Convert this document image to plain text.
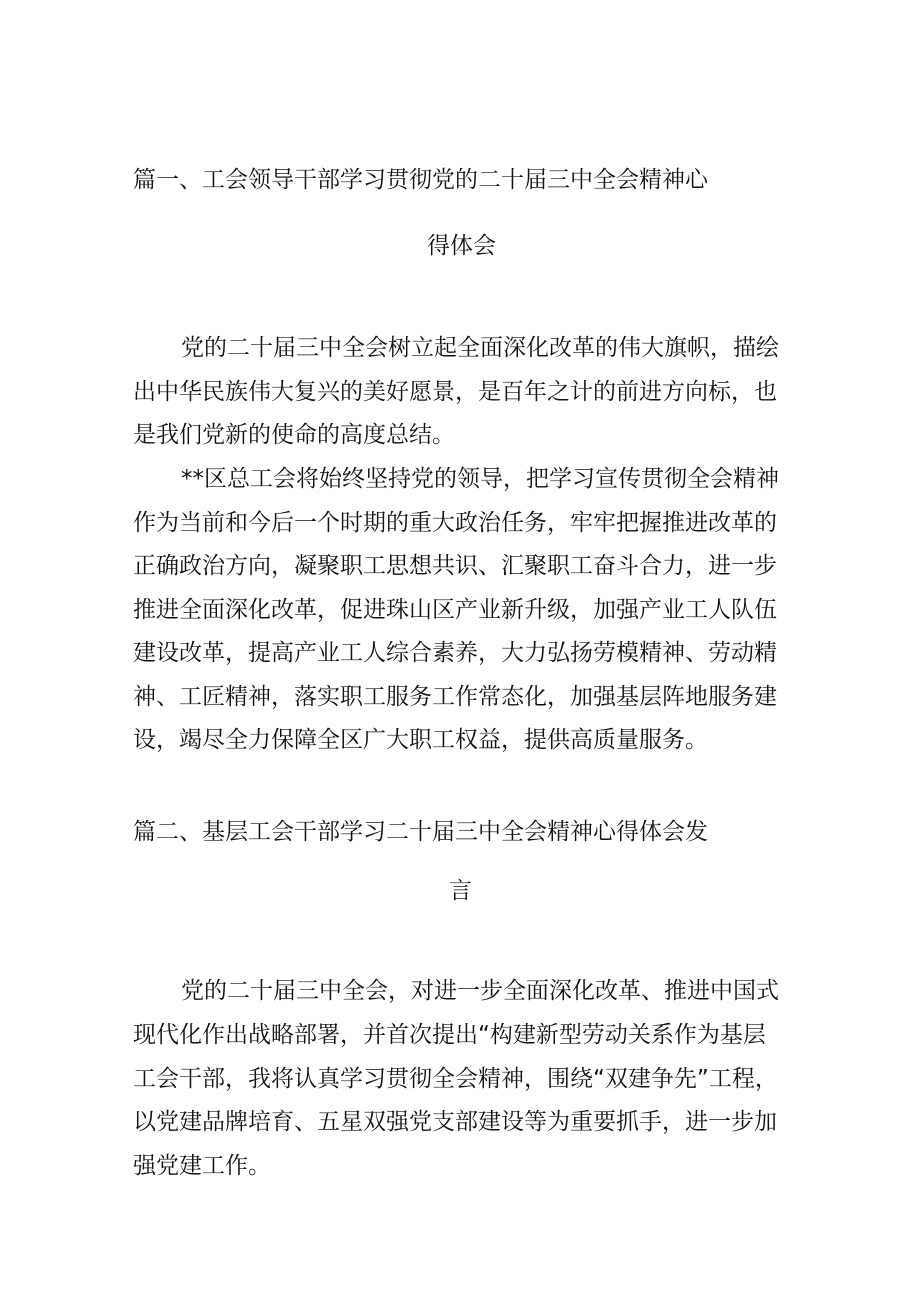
篇一、工会领导干部学习贯彻党的二十届三中全会精神心

得体会

党的二十届三中全会树立起全面深化改革的伟大旗帜，描绘

出中华民族伟大复兴的美好愿景，是百年之计的前进方向标，也

是我们党新的使命的高度总结。

**区总工会将始终坚持党的领导，把学习宣传贯彻全会精神

作为当前和今后一个时期的重大政治任务，牢牢把握推进改革的

正确政治方向，凝聚职工思想共识、汇聚职工奋斗合力，进一步

推进全面深化改革，促进珠山区产业新升级，加强产业工人队伍

建设改革，提高产业工人综合素养，大力弘扬劳模精神、劳动精

神、工匠精神，落实职工服务工作常态化，加强基层阵地服务建

设，竭尽全力保障全区广大职工权益，提供高质量服务。

篇二、基层工会干部学习二十届三中全会精神心得体会发

言

党的二十届三中全会，对进一步全面深化改革、推进中国式

现代化作出战略部署，并首次提出“构建新型劳动关系作为基层

工会干部，我将认真学习贯彻全会精神，围绕“双建争先”工程，

以党建品牌培育、五星双强党支部建设等为重要抓手，进一步加

强党建工作。
